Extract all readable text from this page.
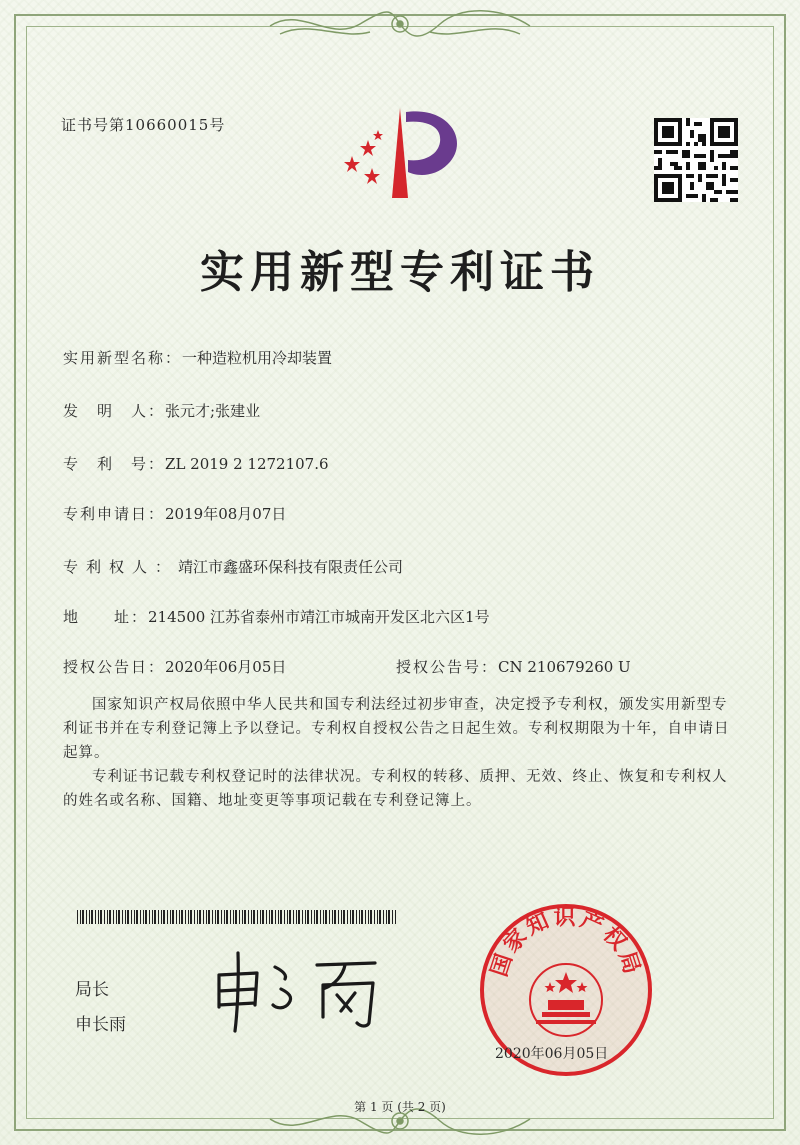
证书号第10660015号
实用新型专利证书
实用新型名称：一种造粒机用冷却装置
发　明　人：张元才;张建业
专　利　号：ZL 2019 2 1272107.6
专利申请日：2019年08月07日
专利权人：靖江市鑫盛环保科技有限责任公司
地　　址：214500 江苏省泰州市靖江市城南开发区北六区1号
授权公告日：2020年06月05日	授权公告号：CN 210679260 U

国家知识产权局依照中华人民共和国专利法经过初步审查，决定授予专利权，颁发实用新型专利证书并在专利登记簿上予以登记。专利权自授权公告之日起生效。专利权期限为十年，自申请日起算。

专利证书记载专利权登记时的法律状况。专利权的转移、质押、无效、终止、恢复和专利权人的姓名或名称、国籍、地址变更等事项记载在专利登记簿上。

局长
申长雨
国家知识产权局
2020年06月05日
第 1 页 (共 2 页)
